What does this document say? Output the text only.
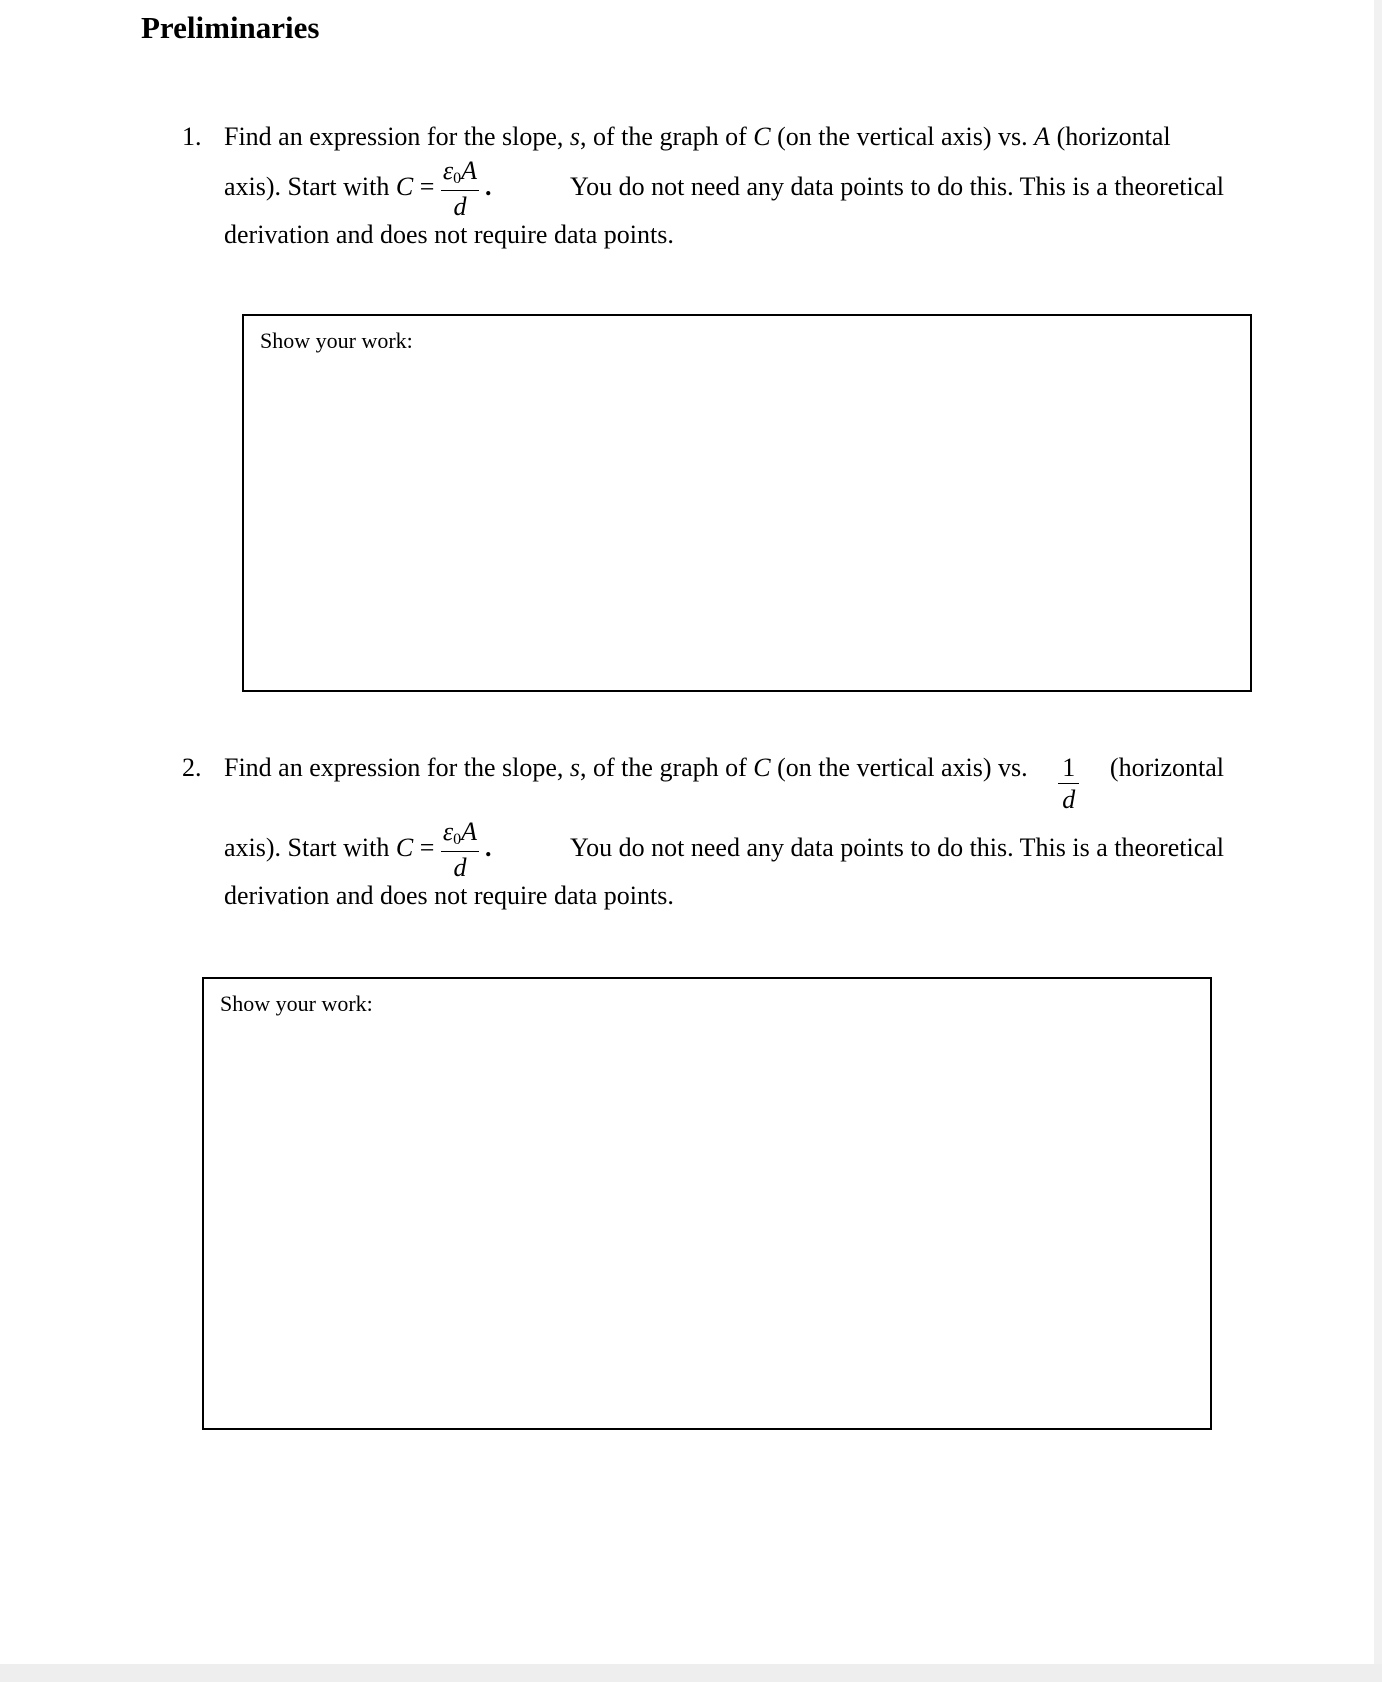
Preliminaries
1. Find an expression for the slope, s, of the graph of C (on the vertical axis) vs. A (horizontal
axis). Start with $C = \frac{\varepsilon_0A}{d}$ .	You do not need any data points to do this. This is a theoretical
derivation and does not require data points.
Show your work:
2. Find an expression for the slope, s, of the graph of C (on the vertical axis) vs. $\frac{1}{d}$ (horizontal
axis). Start with $C = \frac{\varepsilon_0A}{d}$ .	You do not need any data points to do this. This is a theoretical
derivation and does not require data points.
Show your work:
